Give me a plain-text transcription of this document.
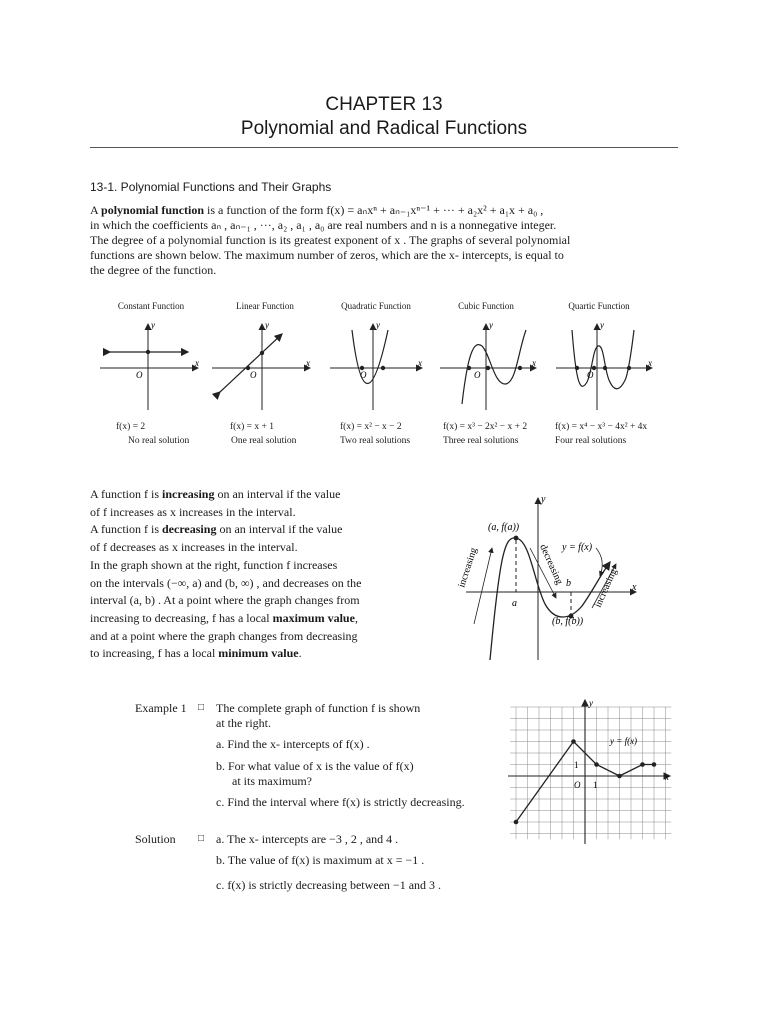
CHAPTER 13
Polynomial and Radical Functions
13-1. Polynomial Functions and Their Graphs
A polynomial function is a function of the form f(x) = aₙxⁿ + aₙ₋₁xⁿ⁻¹ + ··· + a₂x² + a₁x + a₀ ,
in which the coefficients aₙ , aₙ₋₁ , ···, a₂ , a₁ , a₀ are real numbers and n is a nonnegative integer.
The degree of a polynomial function is its greatest exponent of x . The graphs of several polynomial
functions are shown below. The maximum number of zeros, which are the x- intercepts, is equal to
the degree of the function.
Constant Function	Linear Function	Quadratic Function	Cubic Function	Quartic Function
x
y
O
x
y
O
x
y
O
x
y
O
x
y
O
f(x) = 2	f(x) = x + 1	f(x) = x² − x − 2	f(x) = x³ − 2x² − x + 2	f(x) = x⁴ − x³ − 4x² + 4x
No real solution	One real solution	Two real solutions	Three real solutions	Four real solutions
A function f is increasing on an interval if the value
of f increases as x increases in the interval.
A function f is decreasing on an interval if the value
of f decreases as x increases in the interval.
In the graph shown at the right, function f increases
on the intervals (−∞, a) and (b, ∞) , and decreases on the
interval (a, b) . At a point where the graph changes from
increasing to decreasing, f has a local maximum value,
and at a point where the graph changes from decreasing
to increasing, f has a local minimum value.
(a, f(a))
(b, f(b))
y = f(x)
a
b
increasing	decreasing
increasing x
y
Example 1 □ The complete graph of function f is shown
at the right.
a. Find the x- intercepts of f(x) .
b. For what value of x is the value of f(x)
at its maximum?
c. Find the interval where f(x) is strictly decreasing.
Solution □ a. The x- intercepts are −3 , 2 , and 4 .
b. The value of f(x) is maximum at x = −1 .
c. f(x) is strictly decreasing between −1 and 3 .
x
y
O 1
1
y = f(x)
